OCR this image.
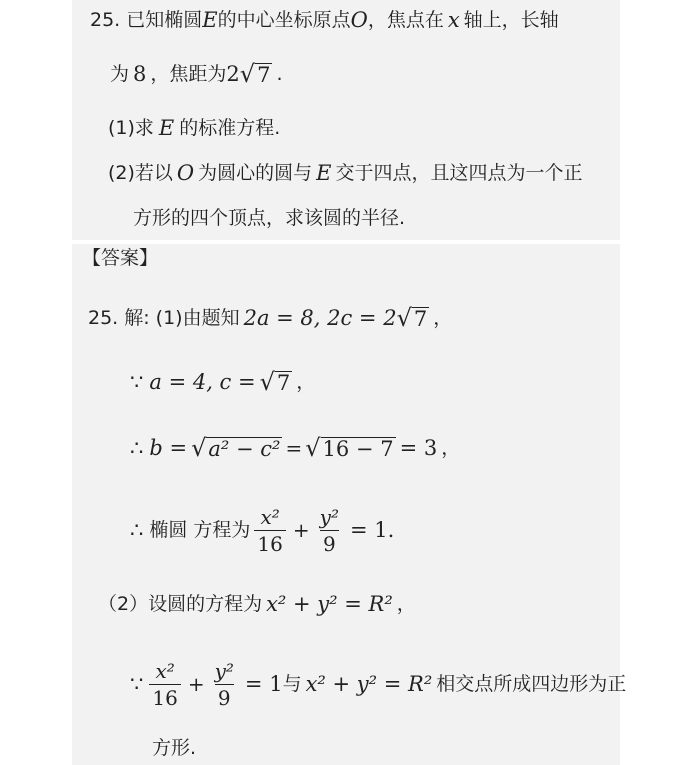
25. 已知椭圆 E 的中心坐标原点 O ，焦点在 x 轴上，长轴
为 8 ，焦距为 2 √ 7 .
(1)求 E 的标准方程.
(2)若以 O 为圆心的圆与 E 交于四点，且这四点为一个正
方形的四个顶点，求该圆的半径.
【答案】
25. 解: (1)由题知 2a = 8, 2c = 2 √ 7 ，
∵ a = 4, c = √ 7 ，
∴ b = √ a² − c² = √ 16 − 7 = 3 ，
∴ 椭圆 方程为 $\frac{\text{x²}}{16} + \frac{\text{y²}}{9} = 1$.
（2）设圆的方程为 x² + y² = R² ，
∵ $\frac{\text{x²}}{16} + \frac{\text{y²}}{9} = 1$ 与 x² + y² = R² 相交点所成四边形为正
方形.
